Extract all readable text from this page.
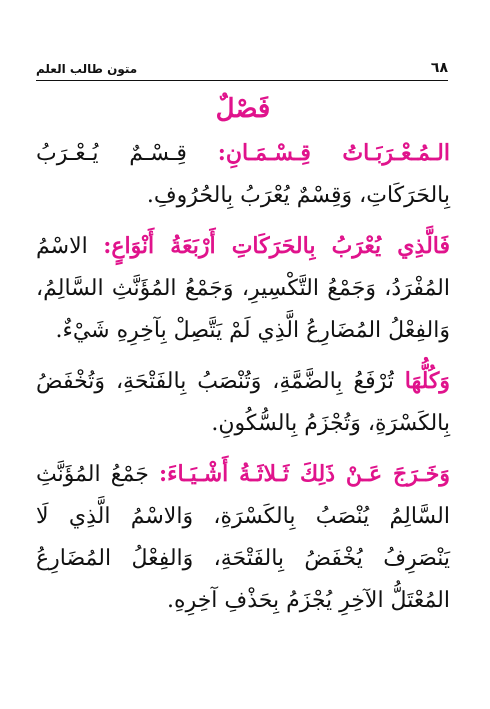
٦٨
متون طالب العلم
فَصْلٌ

الـمُـعْـرَبَـاتُ قِـسْـمَـانِ: قِـسْـمٌ يُـعْـرَبُ بِالحَرَكَاتِ، وَقِسْمٌ يُعْرَبُ بِالحُرُوفِ.

فَالَّذِي يُعْرَبُ بِالحَرَكَاتِ أَرْبَعَةُ أَنْوَاعٍ: الاسْمُ المُفْرَدُ، وَجَمْعُ التَّكْسِيرِ، وَجَمْعُ المُؤَنَّثِ السَّالِمُ، وَالفِعْلُ المُضَارِعُ الَّذِي لَمْ يَتَّصِلْ بِآخِرِهِ شَيْءٌ.

وَكُلُّهَا تُرْفَعُ بِالضَّمَّةِ، وَتُنْصَبُ بِالفَتْحَةِ، وَتُخْفَضُ بِالكَسْرَةِ، وَتُجْزَمُ بِالسُّكُونِ.

وَخَـرَجَ عَـنْ ذَلِكَ ثَـلاثَـةُ أَشْـيَـاءَ: جَمْعُ المُؤَنَّثِ السَّالِمُ يُنْصَبُ بِالكَسْرَةِ، وَالاسْمُ الَّذِي لَا يَنْصَرِفُ يُخْفَضُ بِالفَتْحَةِ، وَالفِعْلُ المُضَارِعُ المُعْتَلُّ الآخِرِ يُجْزَمُ بِحَذْفِ آخِرِهِ.
